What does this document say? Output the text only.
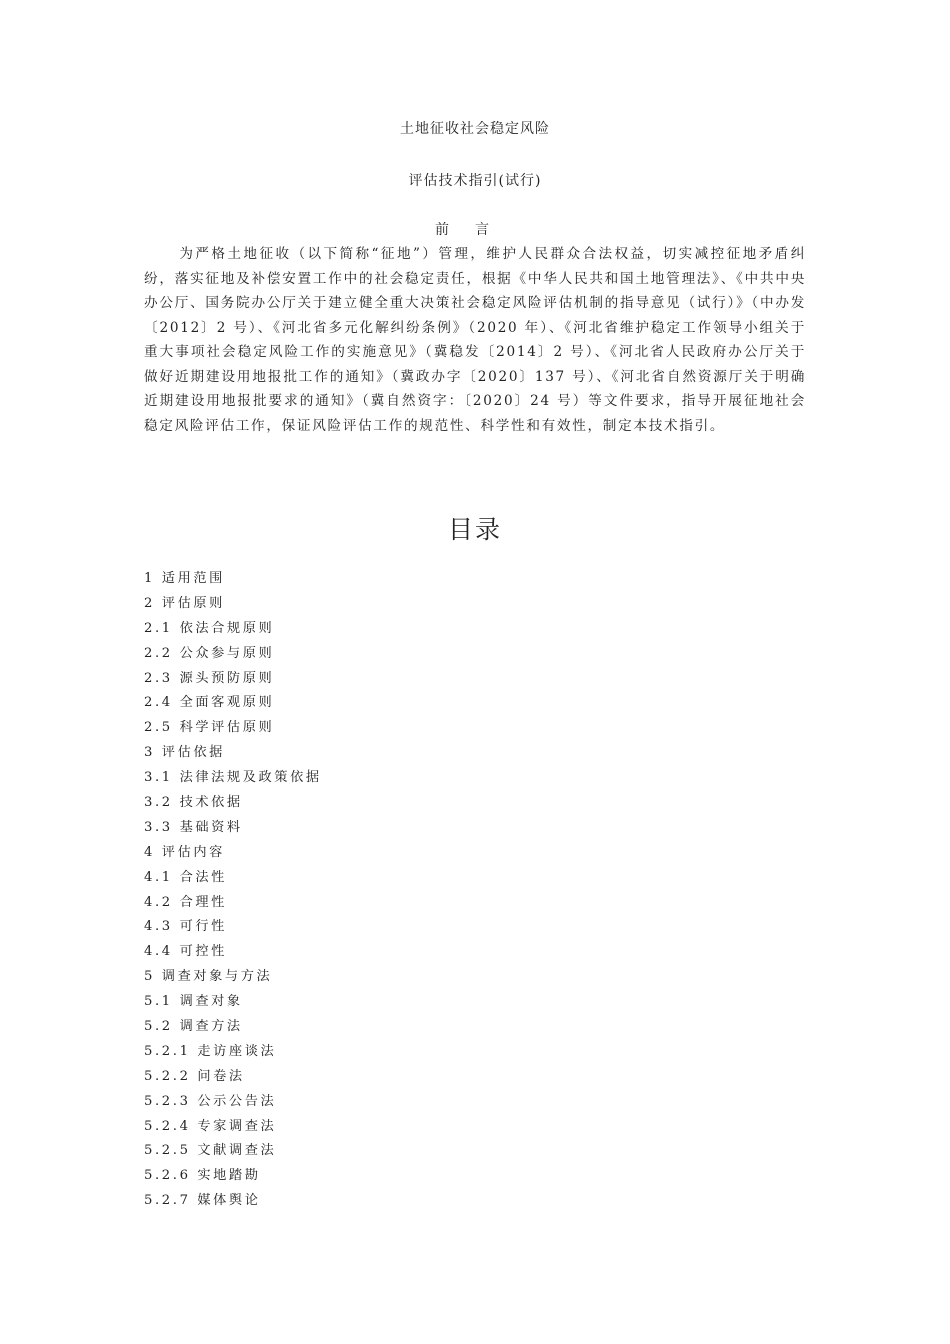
土地征收社会稳定风险
评估技术指引(试行)
前言

为严格土地征收（以下简称“征地”）管理，维护人民群众合法权益，切实减控征地矛盾纠纷，落实征地及补偿安置工作中的社会稳定责任，根据《中华人民共和国土地管理法》、《中共中央办公厅、国务院办公厅关于建立健全重大决策社会稳定风险评估机制的指导意见（试行）》（中办发〔2012〕2 号）、《河北省多元化解纠纷条例》（2020 年）、《河北省维护稳定工作领导小组关于重大事项社会稳定风险工作的实施意见》（冀稳发〔2014〕2 号）、《河北省人民政府办公厅关于做好近期建设用地报批工作的通知》（冀政办字〔2020〕137 号）、《河北省自然资源厅关于明确近期建设用地报批要求的通知》（冀自然资字：〔2020〕24 号）等文件要求，指导开展征地社会稳定风险评估工作，保证风险评估工作的规范性、科学性和有效性，制定本技术指引。

目录
1 适用范围
2 评估原则
2.1 依法合规原则
2.2 公众参与原则
2.3 源头预防原则
2.4 全面客观原则
2.5 科学评估原则
3 评估依据
3.1 法律法规及政策依据
3.2 技术依据
3.3 基础资料
4 评估内容
4.1 合法性
4.2 合理性
4.3 可行性
4.4 可控性
5 调查对象与方法
5.1 调查对象
5.2 调查方法
5.2.1 走访座谈法
5.2.2 问卷法
5.2.3 公示公告法
5.2.4 专家调查法
5.2.5 文献调查法
5.2.6 实地踏勘
5.2.7 媒体舆论
